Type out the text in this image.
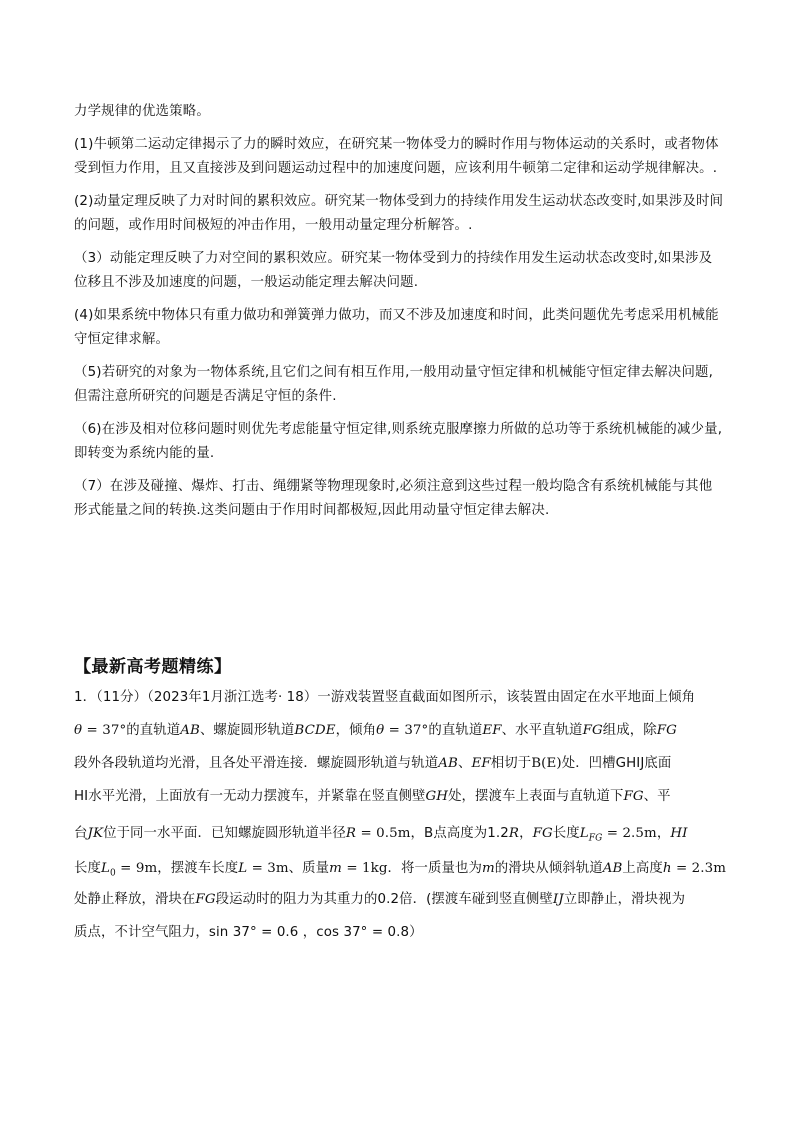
力学规律的优选策略。

(1)牛顿第二运动定律揭示了力的瞬时效应，在研究某一物体受力的瞬时作用与物体运动的关系时，或者物体受到恒力作用，且又直接涉及到问题运动过程中的加速度问题，应该利用牛顿第二定律和运动学规律解决。.

(2)动量定理反映了力对时间的累积效应。研究某一物体受到力的持续作用发生运动状态改变时,如果涉及时间的问题，或作用时间极短的冲击作用，一般用动量定理分析解答。.

（3）动能定理反映了力对空间的累积效应。研究某一物体受到力的持续作用发生运动状态改变时,如果涉及位移且不涉及加速度的问题，一般运动能定理去解决问题.

(4)如果系统中物体只有重力做功和弹簧弹力做功，而又不涉及加速度和时间，此类问题优先考虑采用机械能守恒定律求解。

（5)若研究的对象为一物体系统,且它们之间有相互作用,一般用动量守恒定律和机械能守恒定律去解决问题,但需注意所研究的问题是否满足守恒的条件.

（6)在涉及相对位移问题时则优先考虑能量守恒定律,则系统克服摩擦力所做的总功等于系统机械能的减少量,即转变为系统内能的量.

（7）在涉及碰撞、爆炸、打击、绳绷紧等物理现象时,必须注意到这些过程一般均隐含有系统机械能与其他形式能量之间的转换.这类问题由于作用时间都极短,因此用动量守恒定律去解决.

【最新高考题精练】
1．（11分）（2023年1月浙江选考· 18）一游戏装置竖直截面如图所示，该装置由固定在水平地面上倾角
θ = 37°的直轨道AB、螺旋圆形轨道BCDE，倾角θ = 37°的直轨道EF、水平直轨道FG组成，除FG
段外各段轨道均光滑，且各处平滑连接．螺旋圆形轨道与轨道AB、EF相切于B(E)处．凹槽GHIJ底面
HI水平光滑，上面放有一无动力摆渡车，并紧靠在竖直侧壁GH处，摆渡车上表面与直轨道下FG、平
台JK位于同一水平面．已知螺旋圆形轨道半径R = 0.5m，B点高度为1.2R，FG长度$L_{FG} = 2.5m$，HI
长度$L_0 = 9m$，摆渡车长度L = 3m、质量m = 1kg．将一质量也为m的滑块从倾斜轨道AB上高度h = 2.3m
处静止释放，滑块在FG段运动时的阻力为其重力的0.2倍．(摆渡车碰到竖直侧壁IJ立即静止，滑块视为
质点，不计空气阻力，sin 37° = 0.6 ，cos 37° = 0.8）
